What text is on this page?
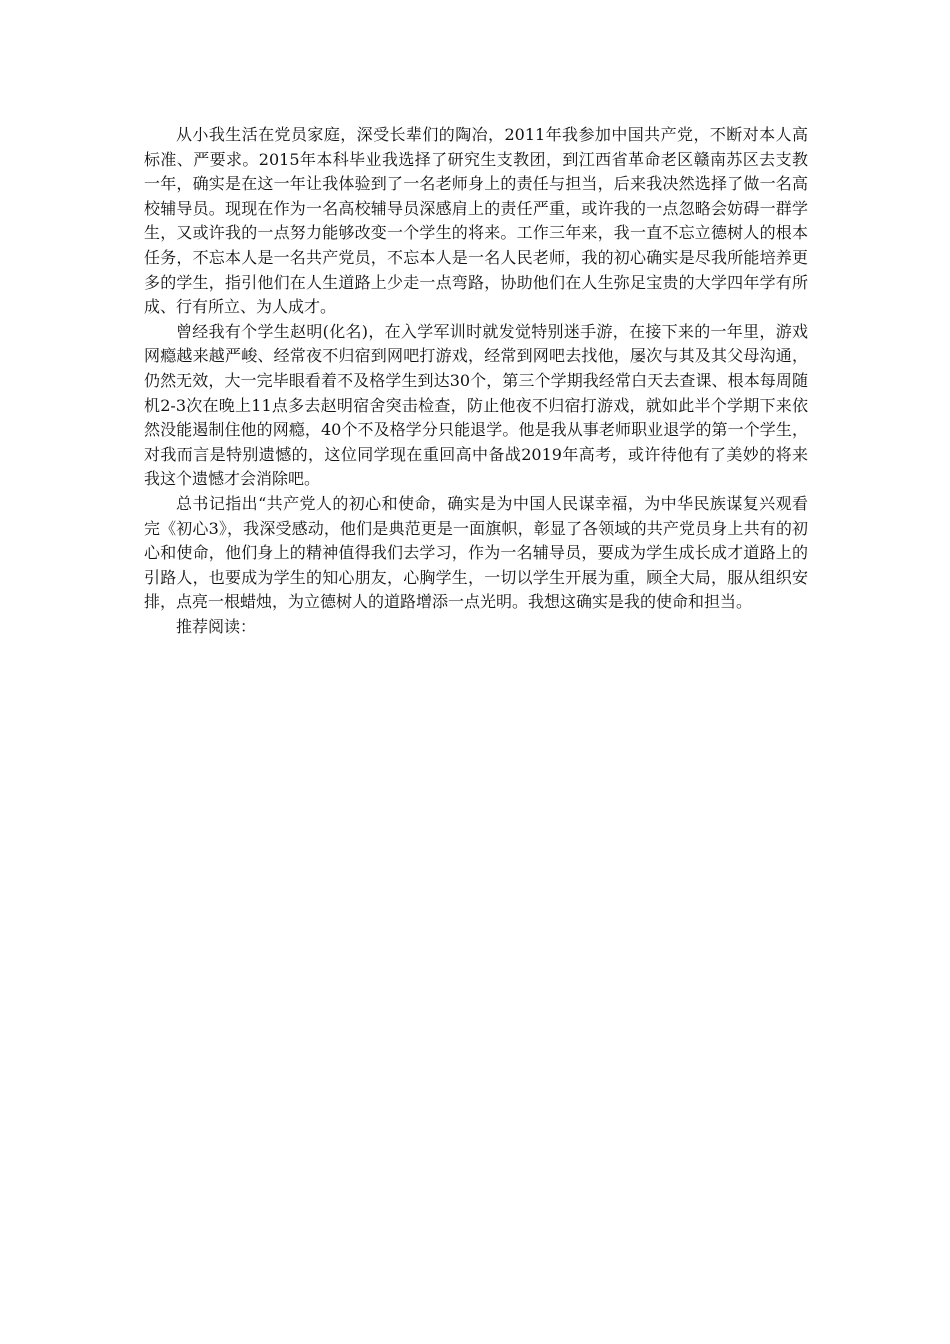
从小我生活在党员家庭，深受长辈们的陶冶，2011年我参加中国共产党，不断对本人高标准、严要求。2015年本科毕业我选择了研究生支教团，到江西省革命老区赣南苏区去支教一年，确实是在这一年让我体验到了一名老师身上的责任与担当，后来我决然选择了做一名高校辅导员。现现在作为一名高校辅导员深感肩上的责任严重，或许我的一点忽略会妨碍一群学生，又或许我的一点努力能够改变一个学生的将来。工作三年来，我一直不忘立德树人的根本任务，不忘本人是一名共产党员，不忘本人是一名人民老师，我的初心确实是尽我所能培养更多的学生，指引他们在人生道路上少走一点弯路，协助他们在人生弥足宝贵的大学四年学有所成、行有所立、为人成才。

曾经我有个学生赵明(化名)，在入学军训时就发觉特别迷手游，在接下来的一年里，游戏网瘾越来越严峻、经常夜不归宿到网吧打游戏，经常到网吧去找他，屡次与其及其父母沟通，仍然无效，大一完毕眼看着不及格学生到达30个，第三个学期我经常白天去查课、根本每周随机2-3次在晚上11点多去赵明宿舍突击检查，防止他夜不归宿打游戏，就如此半个学期下来依然没能遏制住他的网瘾，40个不及格学分只能退学。他是我从事老师职业退学的第一个学生，对我而言是特别遗憾的，这位同学现在重回高中备战2019年高考，或许待他有了美妙的将来我这个遗憾才会消除吧。

总书记指出“共产党人的初心和使命，确实是为中国人民谋幸福，为中华民族谋复兴观看完《初心3》，我深受感动，他们是典范更是一面旗帜，彰显了各领域的共产党员身上共有的初心和使命，他们身上的精神值得我们去学习，作为一名辅导员，要成为学生成长成才道路上的引路人，也要成为学生的知心朋友，心胸学生，一切以学生开展为重，顾全大局，服从组织安排，点亮一根蜡烛，为立德树人的道路增添一点光明。我想这确实是我的使命和担当。

推荐阅读：
